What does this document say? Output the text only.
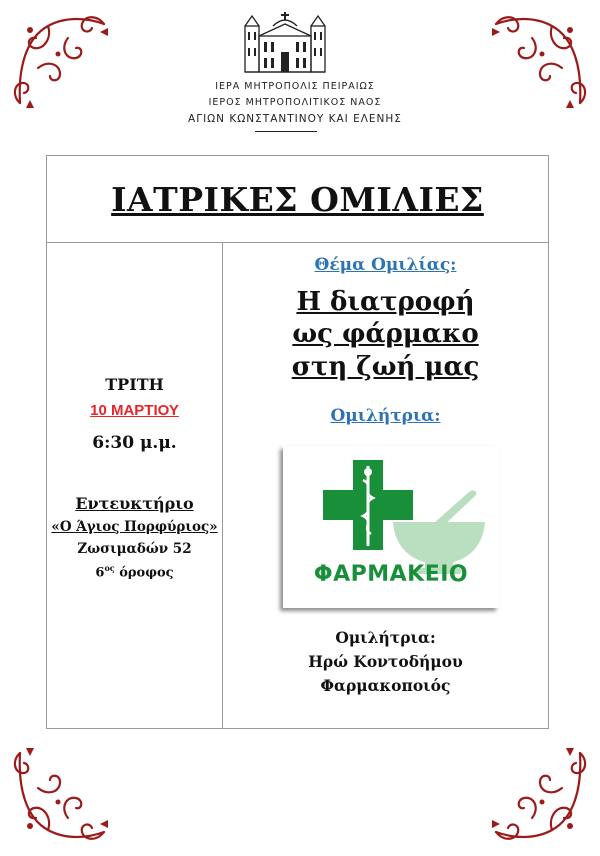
ΙΕΡΑ ΜΗΤΡΟΠΟΛΙΣ ΠΕΙΡΑΙΩΣ
ΙΕΡΟΣ ΜΗΤΡΟΠΟΛΙΤΙΚΟΣ ΝΑΟΣ
ΑΓΙΩΝ ΚΩΝΣΤΑΝΤΙΝΟΥ ΚΑΙ ΕΛΕΝΗΣ
ΙΑΤΡΙΚΕΣ ΟΜΙΛΙΕΣ
ΤΡΙΤΗ
10 ΜΑΡΤΙΟΥ
6:30 μ.μ.
Εντευκτήριο
«Ο Άγιος Πορφύριος»
Ζωσιμαδών 52
$6^{o\varsigma}$ όροφος
Θέμα Ομιλίας:
Η διατροφή
ως φάρμακο
στη ζωή μας
Ομιλήτρια:
ΦΑΡΜΑΚΕΙΟ
Ομιλήτρια:
Ηρώ Κοντοδήμου
Φαρμακοποιός
